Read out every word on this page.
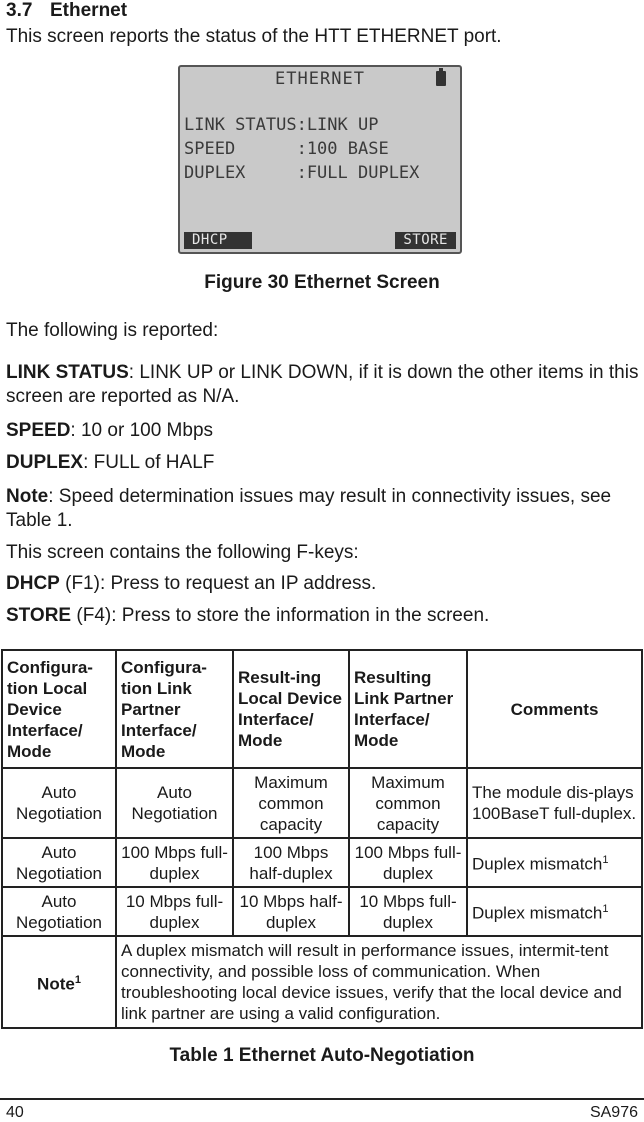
3.7 Ethernet
This screen reports the status of the HTT ETHERNET port.
ETHERNET
LINK STATUS:LINK UP
SPEED      :100 BASE
DUPLEX     :FULL DUPLEX
DHCP	STORE
Figure 30 Ethernet Screen
The following is reported:
LINK STATUS: LINK UP or LINK DOWN, if it is down the other items in this screen are reported as N/A.
SPEED: 10 or 100 Mbps
DUPLEX: FULL of HALF
Note: Speed determination issues may result in connectivity issues, see Table 1.
This screen contains the following F-keys:
DHCP (F1): Press to request an IP address.
STORE (F4): Press to store the information in the screen.
Configura-tion Local Device Interface/ Mode	Configura-tion Link Partner Interface/ Mode	Result-ing Local Device Interface/ Mode	Resulting Link Partner Interface/ Mode	Comments
Auto Negotiation	Auto Negotiation	Maximum common capacity	Maximum common capacity	The module dis-plays 100BaseT full-duplex.
Auto Negotiation	100 Mbps full-duplex	100 Mbps half-duplex	100 Mbps full-duplex	Duplex mismatch$^1$
Auto Negotiation	10 Mbps full-duplex	10 Mbps half-duplex	10 Mbps full-duplex	Duplex mismatch$^1$
Note$^1$	A duplex mismatch will result in performance issues, intermit-tent connectivity, and possible loss of communication. When troubleshooting local device issues, verify that the local device and link partner are using a valid configuration.			
Table 1 Ethernet Auto-Negotiation
40	SA976
